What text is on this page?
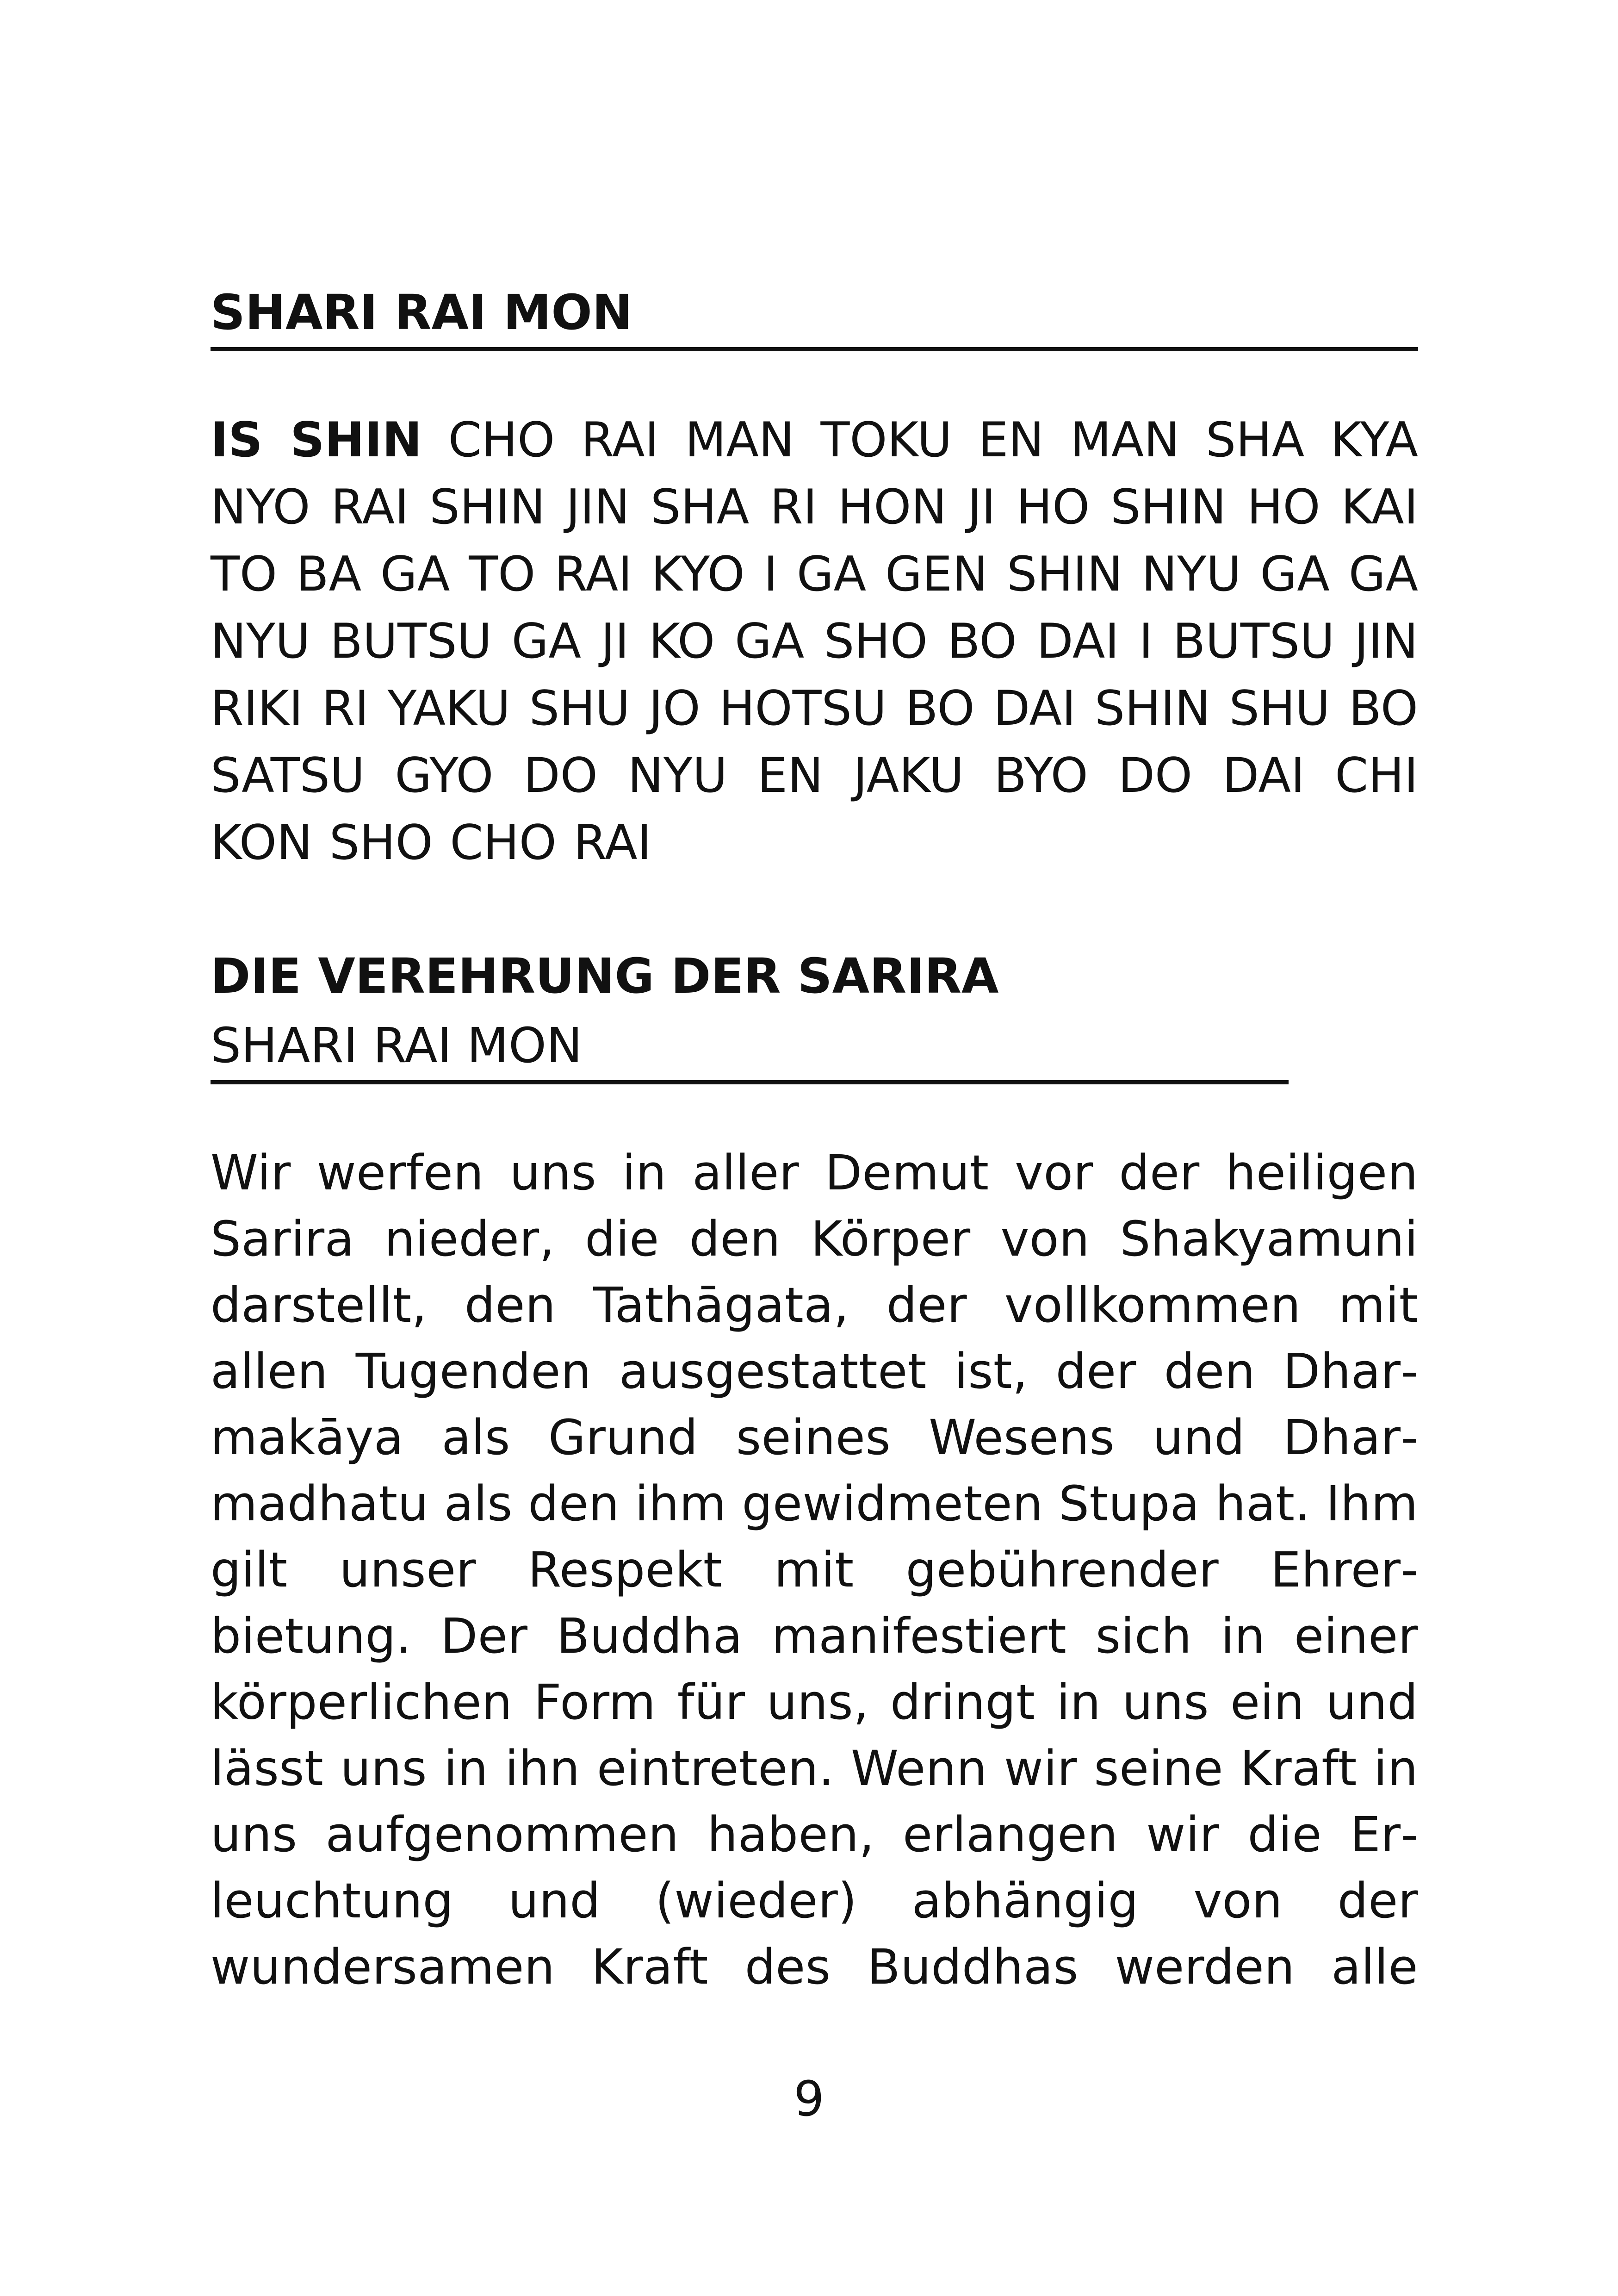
SHARI RAI MON

IS SHIN CHO RAI MAN TOKU EN MAN SHA KYA NYO RAI SHIN JIN SHA RI HON JI HO SHIN HO KAI TO BA GA TO RAI KYO I GA GEN SHIN NYU GA GA NYU BUTSU GA JI KO GA SHO BO DAI I BUTSU JIN RIKI RI YAKU SHU JO HOTSU BO DAI SHIN SHU BO SATSU GYO DO NYU EN JAKU BYO DO DAI CHI KON SHO CHO RAI

DIE VEREHRUNG DER SARIRA
SHARI RAI MON

Wir werfen uns in aller Demut vor der heiligen Sarira nieder, die den Körper von Shakyamuni darstellt, den Tathāgata, der vollkommen mit allen Tugenden ausgestattet ist, der den Dharmakāya als Grund seines Wesens und Dharmadhatu als den ihm gewidmeten Stupa hat. Ihm gilt unser Respekt mit gebührender Ehrerbietung. Der Buddha manifestiert sich in einer körperlichen Form für uns, dringt in uns ein und lässt uns in ihn eintreten. Wenn wir seine Kraft in uns aufgenommen haben, erlangen wir die Erleuchtung und (wieder) abhängig von der wundersamen Kraft des Buddhas werden alle

9
